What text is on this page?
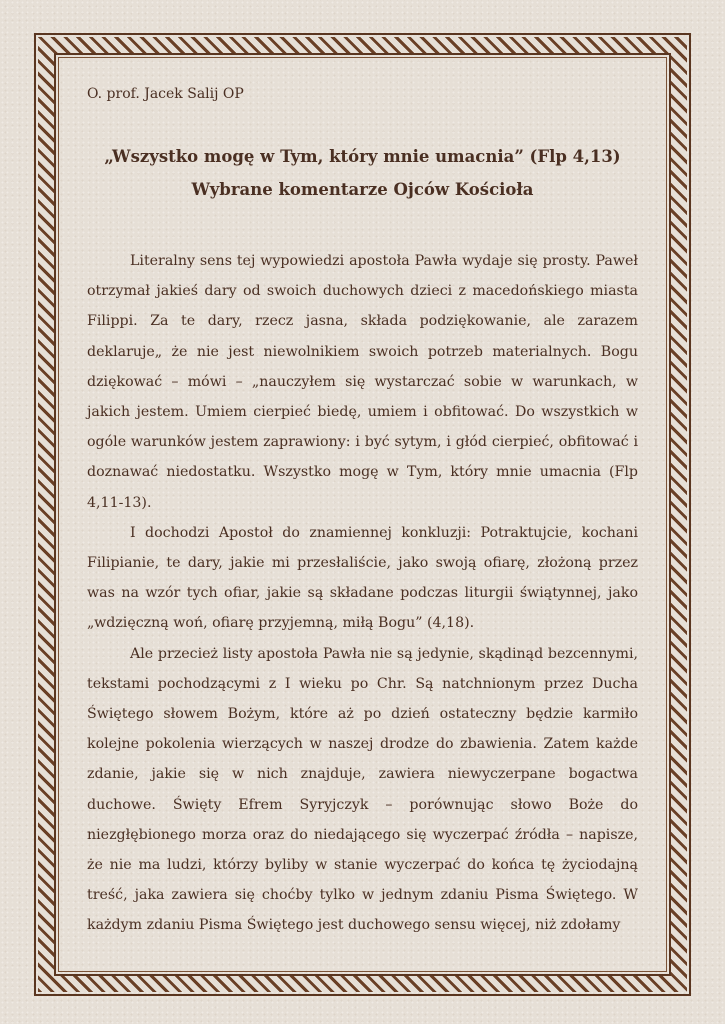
O. prof. Jacek Salij OP

„Wszystko mogę w Tym, który mnie umacnia” (Flp 4,13)
Wybrane komentarze Ojców Kościoła

Literalny sens tej wypowiedzi apostoła Pawła wydaje się prosty. Paweł otrzymał jakieś dary od swoich duchowych dzieci z macedońskiego miasta Filippi. Za te dary, rzecz jasna, składa podziękowanie, ale zarazem deklaruje„ że nie jest niewolnikiem swoich potrzeb materialnych. Bogu dziękować – mówi – „nauczyłem się wystarczać sobie w warunkach, w jakich jestem. Umiem cierpieć biedę, umiem i obfitować. Do wszystkich w ogóle warunków jestem zaprawiony: i być sytym, i głód cierpieć, obfitować i doznawać niedostatku. Wszystko mogę w Tym, który mnie umacnia (Flp 4,11-13).

I dochodzi Apostoł do znamiennej konkluzji: Potraktujcie, kochani Filipianie, te dary, jakie mi przesłaliście, jako swoją ofiarę, złożoną przez was na wzór tych ofiar, jakie są składane podczas liturgii świątynnej, jako „wdzięczną woń, ofiarę przyjemną, miłą Bogu” (4,18).

Ale przecież listy apostoła Pawła nie są jedynie, skądinąd bezcennymi, tekstami pochodzącymi z I wieku po Chr. Są natchnionym przez Ducha Świętego słowem Bożym, które aż po dzień ostateczny będzie karmiło kolejne pokolenia wierzących w naszej drodze do zbawienia. Zatem każde zdanie, jakie się w nich znajduje, zawiera niewyczerpane bogactwa duchowe. Święty Efrem Syryjczyk – porównując słowo Boże do niezgłębionego morza oraz do niedającego się wyczerpać źródła – napisze, że nie ma ludzi, którzy byliby w stanie wyczerpać do końca tę życiodajną treść, jaka zawiera się choćby tylko w jednym zdaniu Pisma Świętego. W każdym zdaniu Pisma Świętego jest duchowego sensu więcej, niż zdołamy
